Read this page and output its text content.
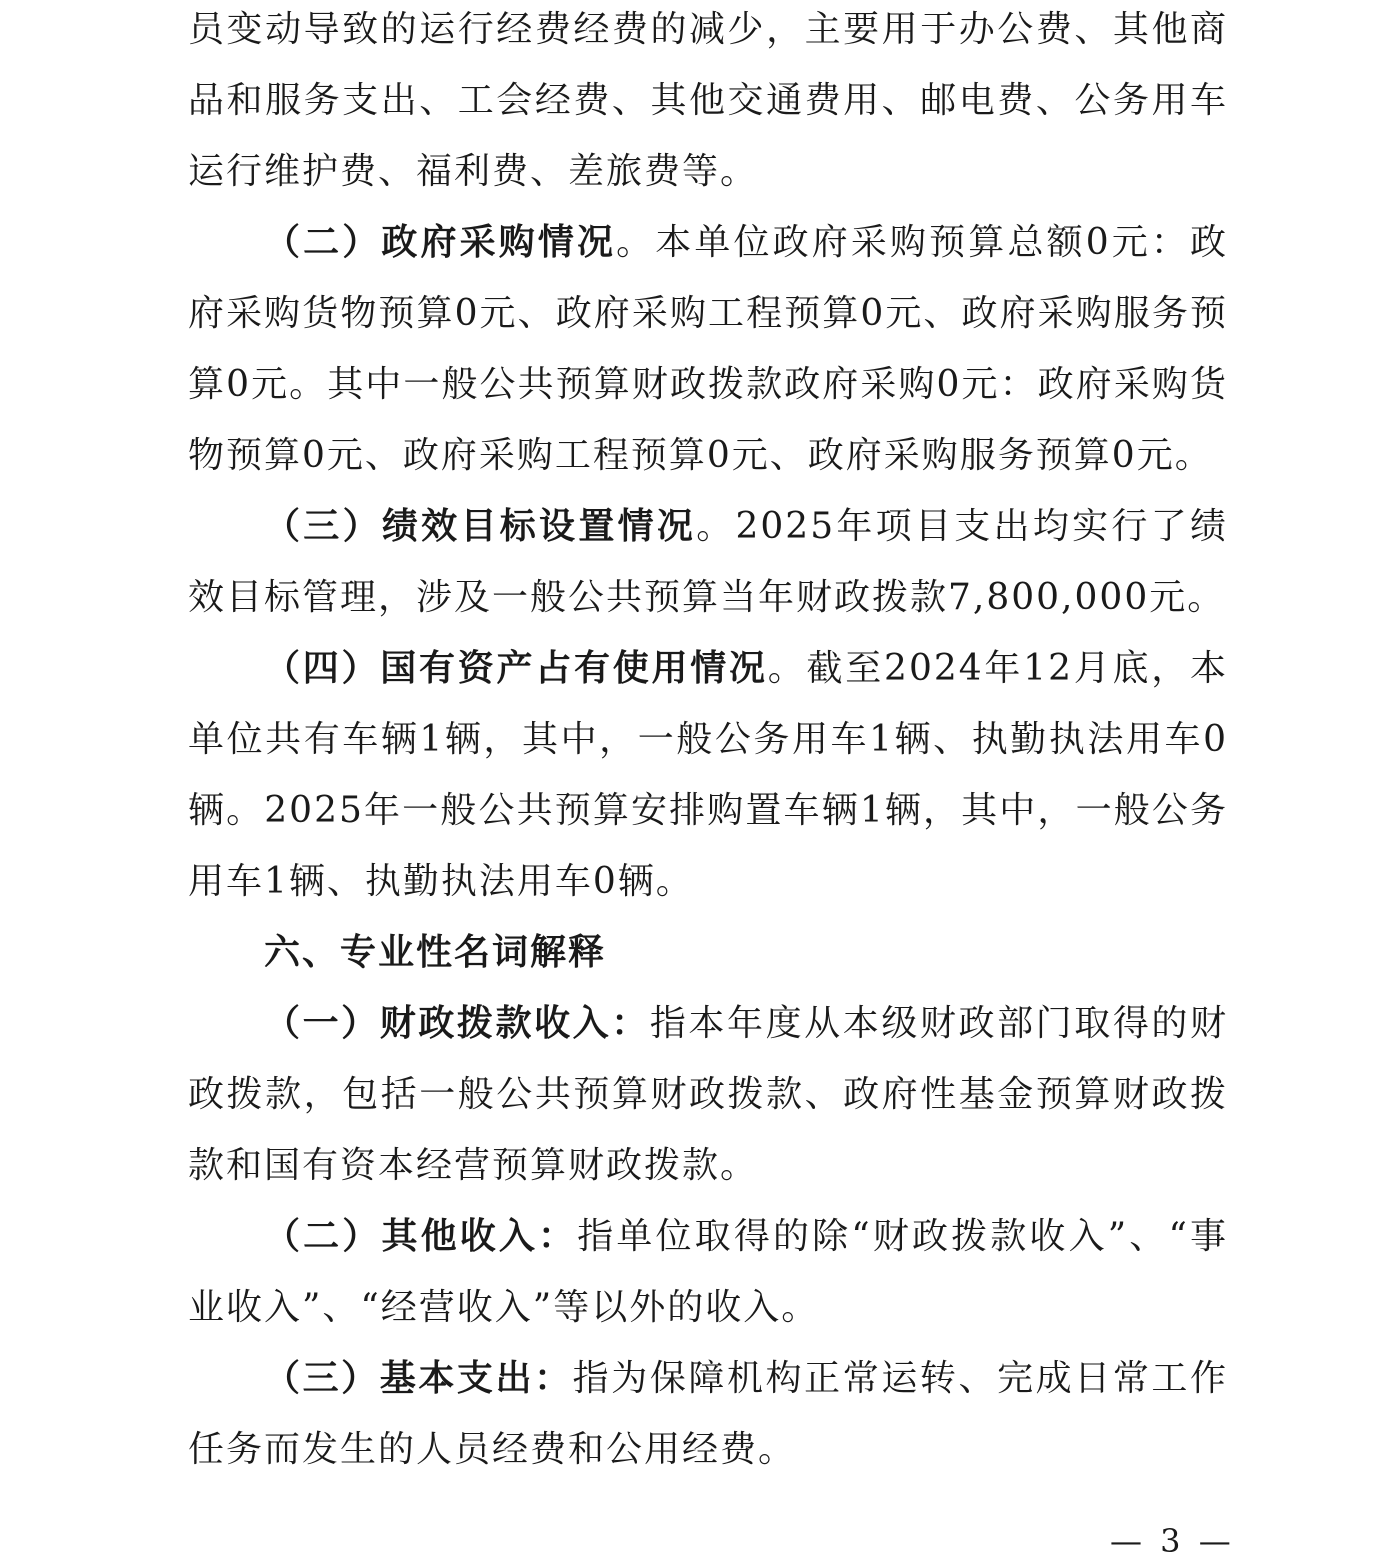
员变动导致的运行经费经费的减少，主要用于办公费、其他商品和服务支出、工会经费、其他交通费用、邮电费、公务用车运行维护费、福利费、差旅费等。

（二）政府采购情况。本单位政府采购预算总额0元：政府采购货物预算0元、政府采购工程预算0元、政府采购服务预算0元。其中一般公共预算财政拨款政府采购0元：政府采购货物预算0元、政府采购工程预算0元、政府采购服务预算0元。

（三）绩效目标设置情况。2025年项目支出均实行了绩效目标管理，涉及一般公共预算当年财政拨款7,800,000元。

（四）国有资产占有使用情况。截至2024年12月底，本单位共有车辆1辆，其中，一般公务用车1辆、执勤执法用车0辆。2025年一般公共预算安排购置车辆1辆，其中，一般公务用车1辆、执勤执法用车0辆。

六、专业性名词解释

（一）财政拨款收入：指本年度从本级财政部门取得的财政拨款，包括一般公共预算财政拨款、政府性基金预算财政拨款和国有资本经营预算财政拨款。

（二）其他收入：指单位取得的除“财政拨款收入”、“事业收入”、“经营收入”等以外的收入。

（三）基本支出：指为保障机构正常运转、完成日常工作任务而发生的人员经费和公用经费。

— 3 —
